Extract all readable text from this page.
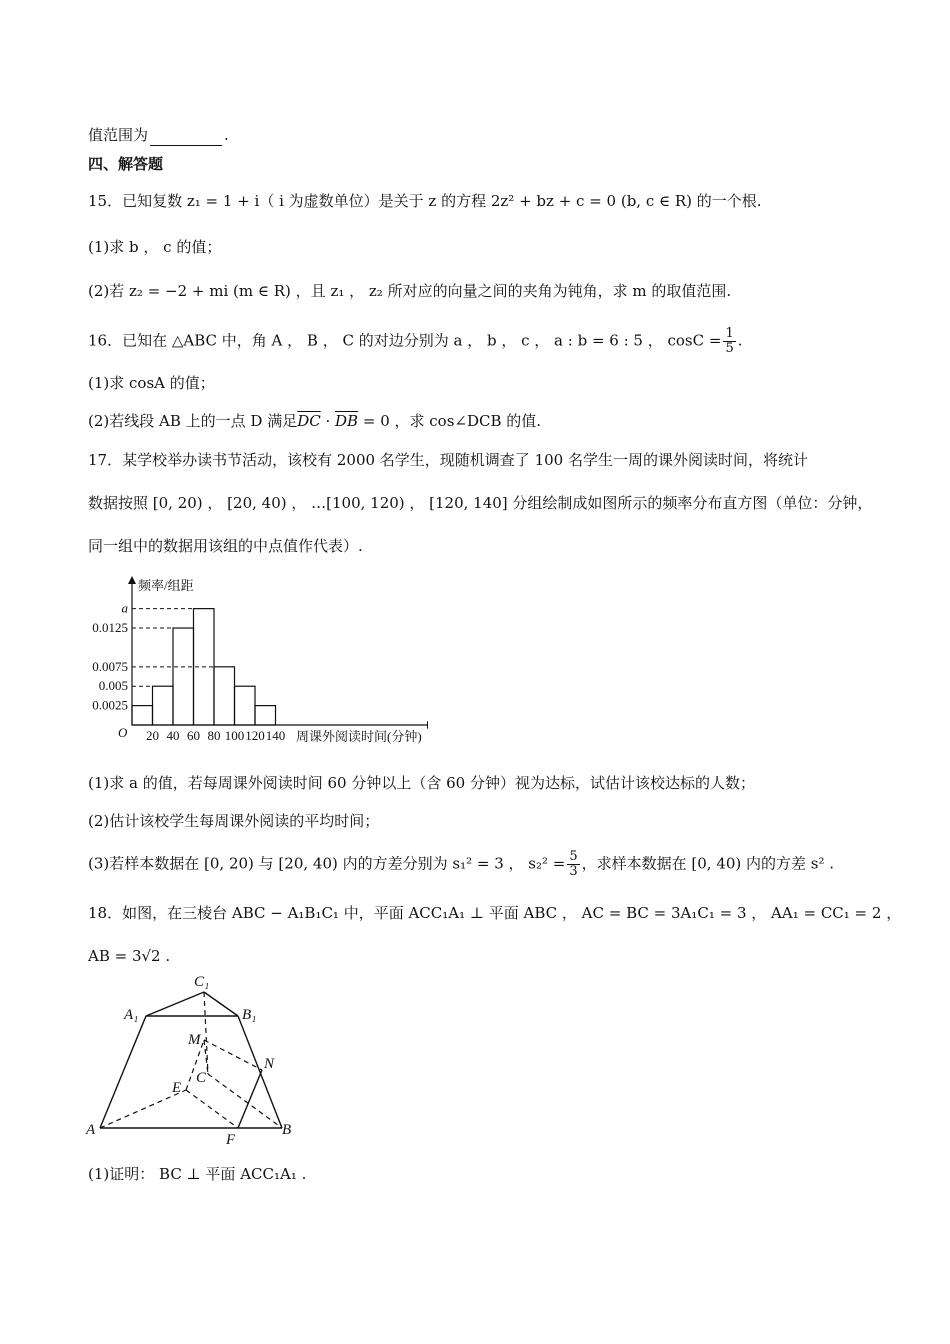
值范围为	.
四、解答题
15．已知复数 z₁ = 1 + i（ i 为虚数单位）是关于 z 的方程 2z² + bz + c = 0 (b, c ∈ R) 的一个根.
(1)求 b ， c 的值；
(2)若 z₂ = −2 + mi (m ∈ R) ，且 z₁ ， z₂ 所对应的向量之间的夹角为钝角，求 m 的取值范围.
16．已知在 △ABC 中，角 A ， B ， C 的对边分别为 a ， b ， c ， a : b = 6 : 5 ， $\cos C = \frac{1}{5}$ .
(1)求 cosA 的值；
(2)若线段 AB 上的一点 D 满足$\overline{DC} \cdot \overline{DB} = 0$ ，求 cos∠DCB 的值.
17．某学校举办读书节活动，该校有 2000 名学生，现随机调查了 100 名学生一周的课外阅读时间，将统计
数据按照 [0, 20) ， [20, 40) ， …[100, 120) ， [120, 140] 分组绘制成如图所示的频率分布直方图（单位：分钟，
同一组中的数据用该组的中点值作代表）.
a
0.0125
0.0075
0.005
0.0025
20 40 60 80 100 120 140
O
频率/组距
周课外阅读时间(分钟)
(1)求 a 的值，若每周课外阅读时间 60 分钟以上（含 60 分钟）视为达标，试估计该校达标的人数；
(2)估计该校学生每周课外阅读的平均时间；
(3)若样本数据在 [0, 20) 与 [20, 40) 内的方差分别为 s₁² = 3 ， $s_2^2 = \frac{5}{3}$ ，求样本数据在 [0, 40) 内的方差 s² .
18．如图，在三棱台 ABC − A₁B₁C₁ 中，平面 ACC₁A₁ ⊥ 平面 ABC ， AC = BC = 3A₁C₁ = 3 ， AA₁ = CC₁ = 2 ，
AB = 3√2 .
C₁
A₁	B₁
M
N
E
C
A
F
B
(1)证明： BC ⊥ 平面 ACC₁A₁ .
